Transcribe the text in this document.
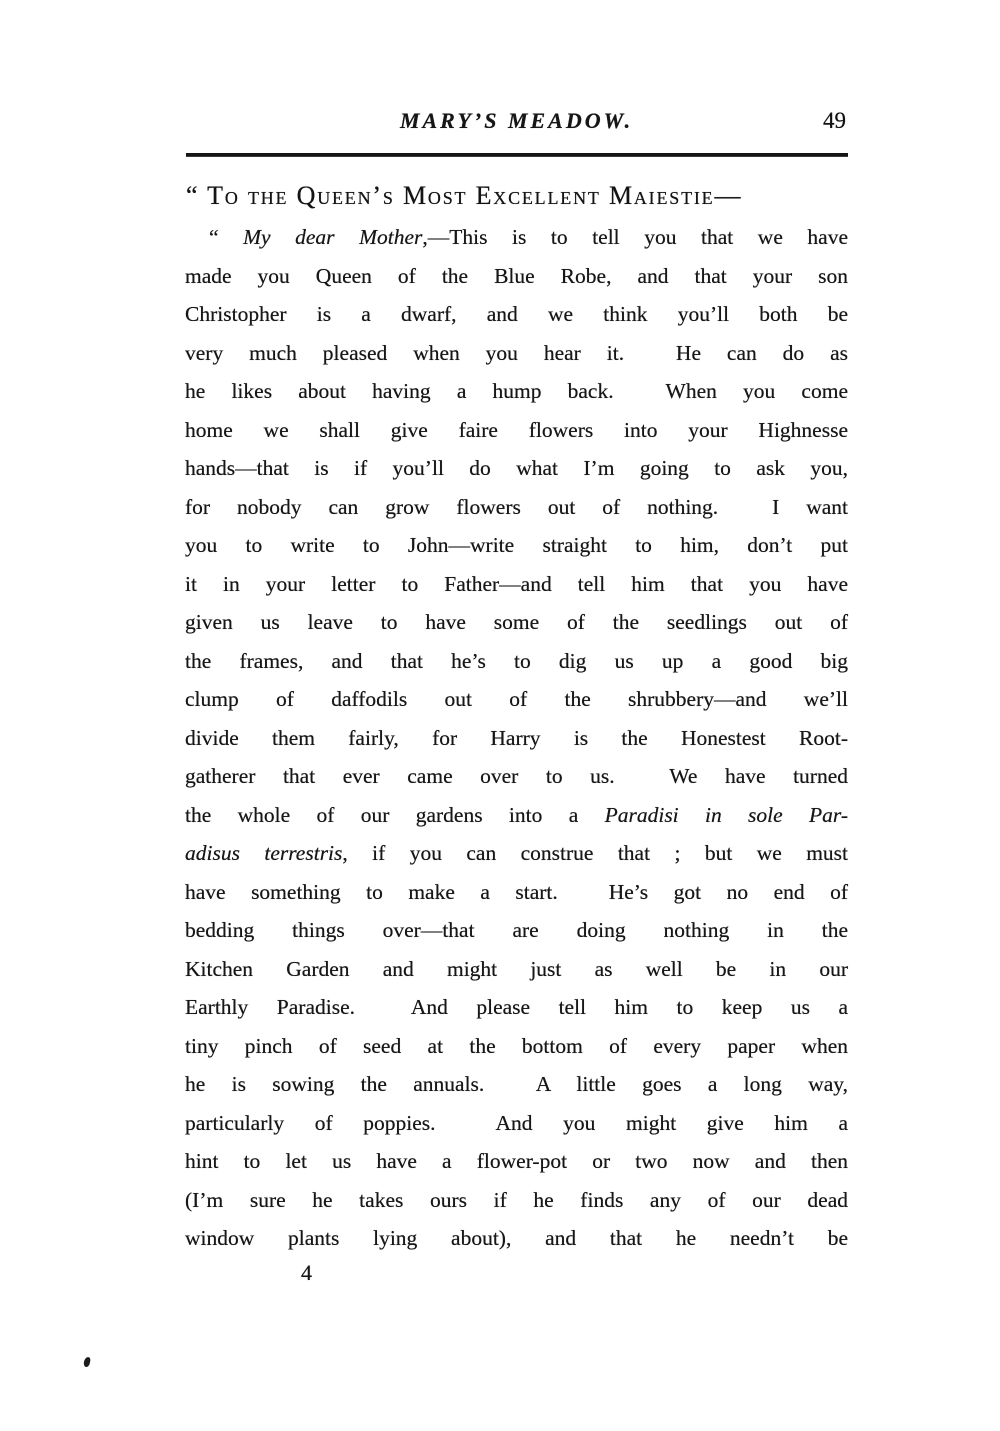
MARY’S MEADOW.	49
“ To the Queen’s Most Excellent Maiestie—
“ My dear Mother,—This is to tell you that we have
made you Queen of the Blue Robe, and that your son
Christopher is a dwarf, and we think you’ll both be
very much pleased when you hear it.  He can do as
he likes about having a hump back.  When you come
home we shall give faire flowers into your Highnesse
hands—that is if you’ll do what I’m going to ask you,
for nobody can grow flowers out of nothing.  I want
you to write to John—write straight to him, don’t put
it in your letter to Father—and tell him that you have
given us leave to have some of the seedlings out of
the frames, and that he’s to dig us up a good big
clump of daffodils out of the shrubbery—and we’ll
divide them fairly, for Harry is the Honestest Root-
gatherer that ever came over to us.  We have turned
the whole of our gardens into a Paradisi in sole Par-
adisus terrestris, if you can construe that ; but we must
have something to make a start.  He’s got no end of
bedding things over—that are doing nothing in the
Kitchen Garden and might just as well be in our
Earthly Paradise.  And please tell him to keep us a
tiny pinch of seed at the bottom of every paper when
he is sowing the annuals.  A little goes a long way,
particularly of poppies.  And you might give him a
hint to let us have a flower-pot or two now and then
(I’m sure he takes ours if he finds any of our dead
window plants lying about), and that he needn’t be
4
